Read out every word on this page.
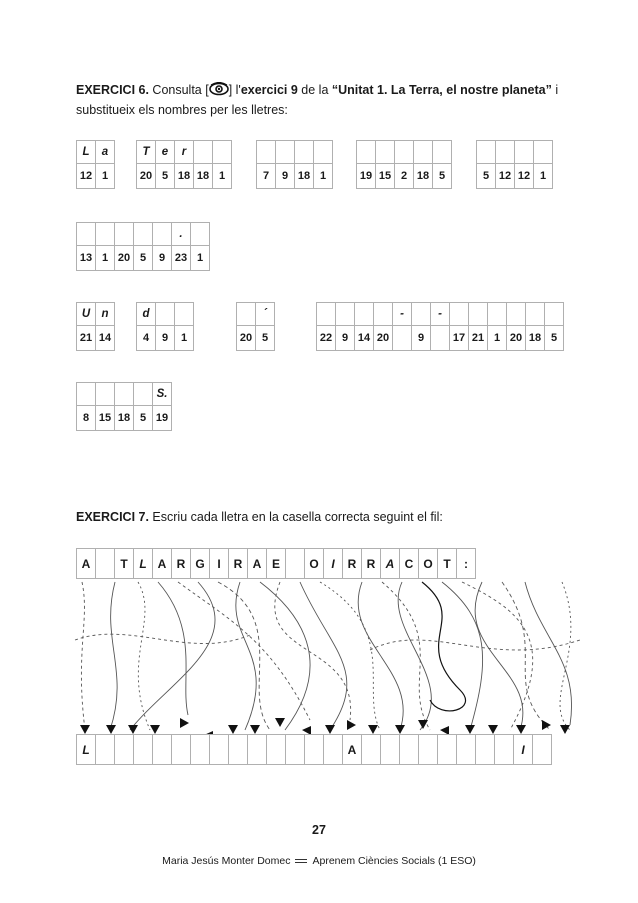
EXERCICI 6. Consulta [ ] l'exercici 9 de la “Unitat 1. La Terra, el nostre planeta” i
substitueix els nombres per les lletres:
L	a
12	1
T	e	r		
20	5	18	18	1
				7	9	18	1
					19	15	2	18	5
				5	12	12	1
					.	
13	1	20	5	9	23	1
U	n
21	14
d		
4	9	1
	´
20	5
				-		-						
22	9	14	20		9		17	21	1	20	18	5
				S.
8	15	18	5	19
EXERCICI 7. Escriu cada lletra en la casella correcta seguint el fil:
A		T	L	A	R	G	I	R	A	E		O	I	R	R	A	C	O	T	:
L														A									I	
27
Maria Jesús Monter Domec Aprenem Ciències Socials (1 ESO)
